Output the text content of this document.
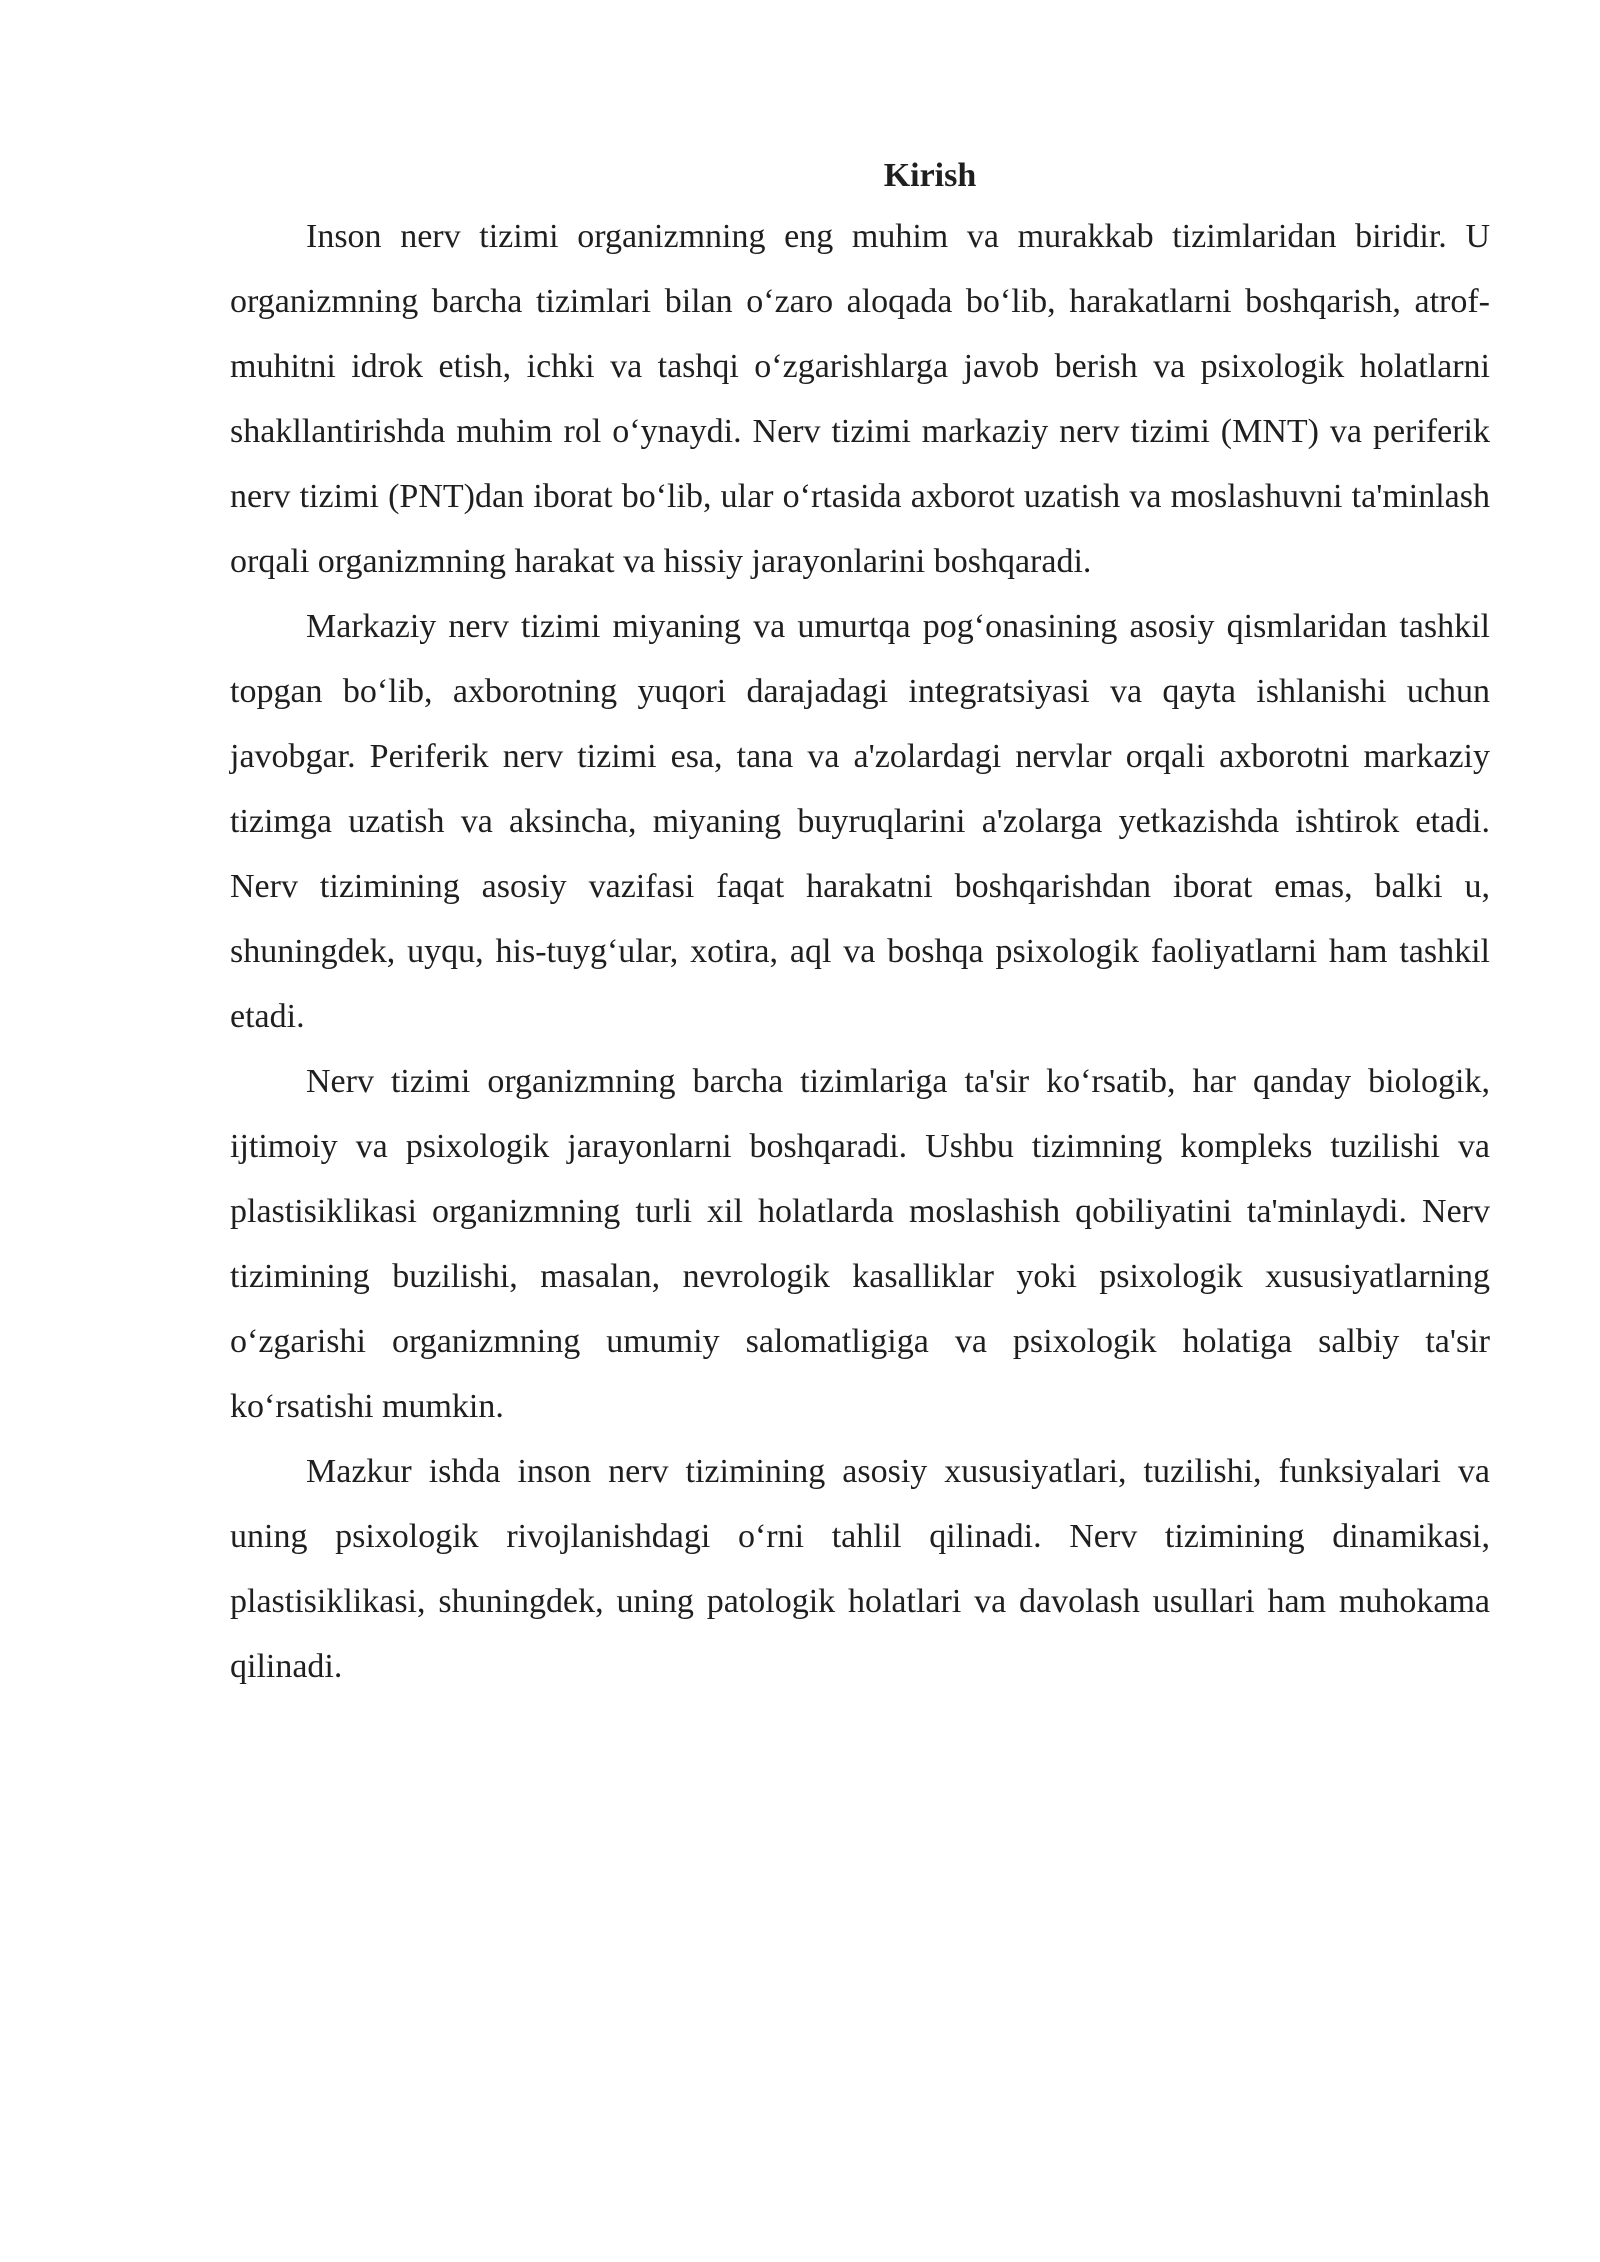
Kirish

Inson nerv tizimi organizmning eng muhim va murakkab tizimlaridan biridir. U organizmning barcha tizimlari bilan o‘zaro aloqada bo‘lib, harakatlarni boshqarish, atrof-muhitni idrok etish, ichki va tashqi o‘zgarishlarga javob berish va psixologik holatlarni shakllantirishda muhim rol o‘ynaydi. Nerv tizimi markaziy nerv tizimi (MNT) va periferik nerv tizimi (PNT)dan iborat bo‘lib, ular o‘rtasida axborot uzatish va moslashuvni ta'minlash orqali organizmning harakat va hissiy jarayonlarini boshqaradi.

Markaziy nerv tizimi miyaning va umurtqa pog‘onasining asosiy qismlaridan tashkil topgan bo‘lib, axborotning yuqori darajadagi integratsiyasi va qayta ishlanishi uchun javobgar. Periferik nerv tizimi esa, tana va a'zolardagi nervlar orqali axborotni markaziy tizimga uzatish va aksincha, miyaning buyruqlarini a'zolarga yetkazishda ishtirok etadi. Nerv tizimining asosiy vazifasi faqat harakatni boshqarishdan iborat emas, balki u, shuningdek, uyqu, his-tuyg‘ular, xotira, aql va boshqa psixologik faoliyatlarni ham tashkil etadi.

Nerv tizimi organizmning barcha tizimlariga ta'sir ko‘rsatib, har qanday biologik, ijtimoiy va psixologik jarayonlarni boshqaradi. Ushbu tizimning kompleks tuzilishi va plastisiklikasi organizmning turli xil holatlarda moslashish qobiliyatini ta'minlaydi. Nerv tizimining buzilishi, masalan, nevrologik kasalliklar yoki psixologik xususiyatlarning o‘zgarishi organizmning umumiy salomatligiga va psixologik holatiga salbiy ta'sir ko‘rsatishi mumkin.

Mazkur ishda inson nerv tizimining asosiy xususiyatlari, tuzilishi, funksiyalari va uning psixologik rivojlanishdagi o‘rni tahlil qilinadi. Nerv tizimining dinamikasi, plastisiklikasi, shuningdek, uning patologik holatlari va davolash usullari ham muhokama qilinadi.
